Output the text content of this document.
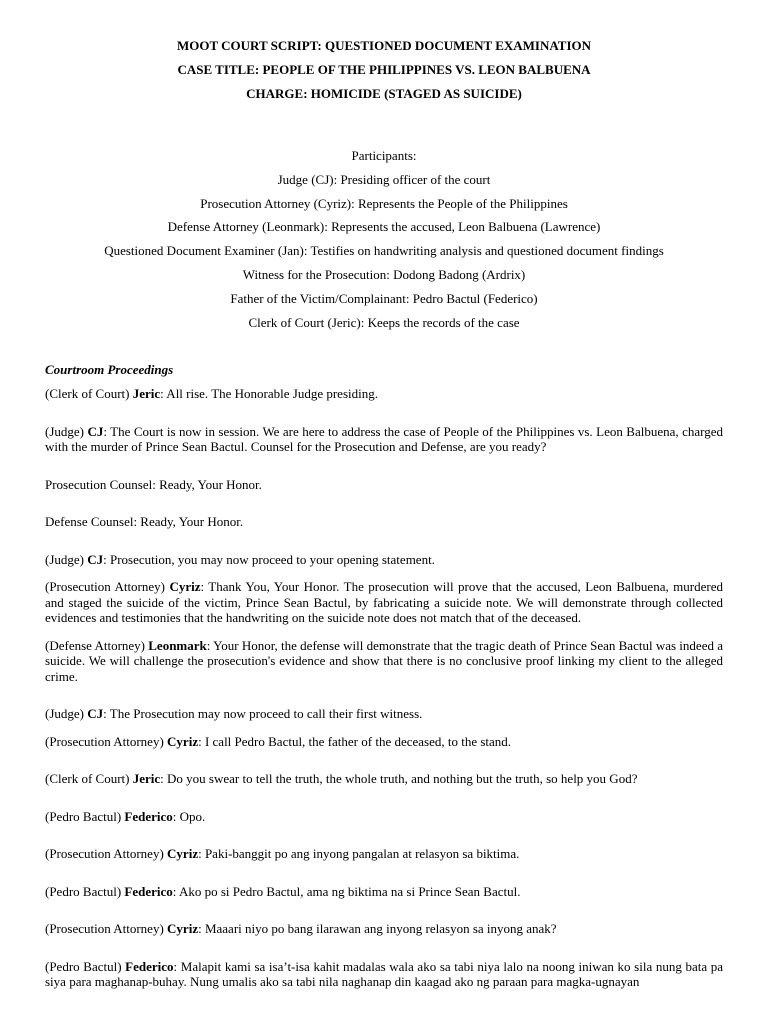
MOOT COURT SCRIPT: QUESTIONED DOCUMENT EXAMINATION
CASE TITLE: PEOPLE OF THE PHILIPPINES VS. LEON BALBUENA
CHARGE: HOMICIDE (STAGED AS SUICIDE)
Participants:
Judge (CJ): Presiding officer of the court
Prosecution Attorney (Cyriz): Represents the People of the Philippines
Defense Attorney (Leonmark): Represents the accused, Leon Balbuena (Lawrence)
Questioned Document Examiner (Jan): Testifies on handwriting analysis and questioned document findings
Witness for the Prosecution: Dodong Badong (Ardrix)
Father of the Victim/Complainant: Pedro Bactul (Federico)
Clerk of Court (Jeric): Keeps the records of the case
Courtroom Proceedings

(Clerk of Court) Jeric: All rise. The Honorable Judge presiding.

(Judge) CJ: The Court is now in session. We are here to address the case of People of the Philippines vs. Leon Balbuena, charged with the murder of Prince Sean Bactul. Counsel for the Prosecution and Defense, are you ready?

Prosecution Counsel: Ready, Your Honor.

Defense Counsel: Ready, Your Honor.

(Judge) CJ: Prosecution, you may now proceed to your opening statement.

(Prosecution Attorney) Cyriz: Thank You, Your Honor. The prosecution will prove that the accused, Leon Balbuena, murdered and staged the suicide of the victim, Prince Sean Bactul, by fabricating a suicide note. We will demonstrate through collected evidences and testimonies that the handwriting on the suicide note does not match that of the deceased.

(Defense Attorney) Leonmark: Your Honor, the defense will demonstrate that the tragic death of Prince Sean Bactul was indeed a suicide. We will challenge the prosecution's evidence and show that there is no conclusive proof linking my client to the alleged crime.

(Judge) CJ: The Prosecution may now proceed to call their first witness.

(Prosecution Attorney) Cyriz: I call Pedro Bactul, the father of the deceased, to the stand.

(Clerk of Court) Jeric: Do you swear to tell the truth, the whole truth, and nothing but the truth, so help you God?

(Pedro Bactul) Federico: Opo.

(Prosecution Attorney) Cyriz: Paki-banggit po ang inyong pangalan at relasyon sa biktima.

(Pedro Bactul) Federico: Ako po si Pedro Bactul, ama ng biktima na si Prince Sean Bactul.

(Prosecution Attorney) Cyriz: Maaari niyo po bang ilarawan ang inyong relasyon sa inyong anak?

(Pedro Bactul) Federico: Malapit kami sa isa’t-isa kahit madalas wala ako sa tabi niya lalo na noong iniwan ko sila nung bata pa siya para maghanap-buhay. Nung umalis ako sa tabi nila naghanap din kaagad ako ng paraan para magka-ugnayan
